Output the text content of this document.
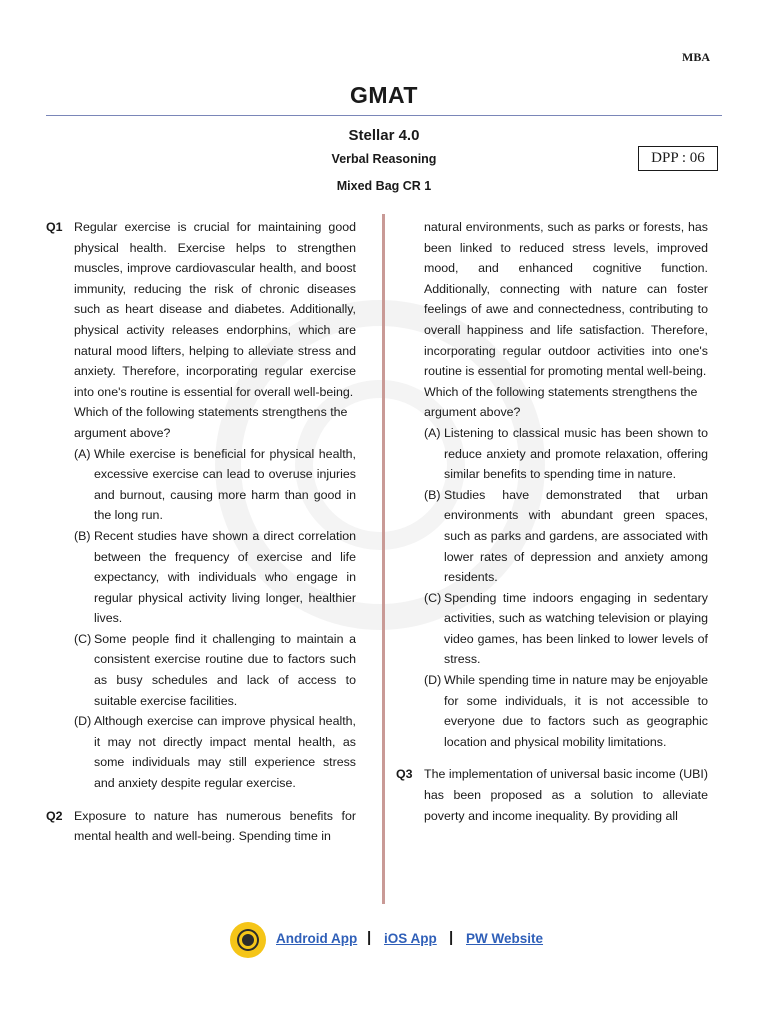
MBA
GMAT
Stellar 4.0
Verbal Reasoning	DPP : 06
Mixed Bag CR 1
Q1 Regular exercise is crucial for maintaining good physical health. Exercise helps to strengthen muscles, improve cardiovascular health, and boost immunity, reducing the risk of chronic diseases such as heart disease and diabetes. Additionally, physical activity releases endorphins, which are natural mood lifters, helping to alleviate stress and anxiety. Therefore, incorporating regular exercise into one's routine is essential for overall well-being.
Which of the following statements strengthens the argument above?
(A) While exercise is beneficial for physical health, excessive exercise can lead to overuse injuries and burnout, causing more harm than good in the long run.
(B) Recent studies have shown a direct correlation between the frequency of exercise and life expectancy, with individuals who engage in regular physical activity living longer, healthier lives.
(C) Some people find it challenging to maintain a consistent exercise routine due to factors such as busy schedules and lack of access to suitable exercise facilities.
(D) Although exercise can improve physical health, it may not directly impact mental health, as some individuals may still experience stress and anxiety despite regular exercise.
Q2 Exposure to nature has numerous benefits for mental health and well-being. Spending time in
natural environments, such as parks or forests, has been linked to reduced stress levels, improved mood, and enhanced cognitive function. Additionally, connecting with nature can foster feelings of awe and connectedness, contributing to overall happiness and life satisfaction. Therefore, incorporating regular outdoor activities into one's routine is essential for promoting mental well-being.
Which of the following statements strengthens the argument above?
(A) Listening to classical music has been shown to reduce anxiety and promote relaxation, offering similar benefits to spending time in nature.
(B) Studies have demonstrated that urban environments with abundant green spaces, such as parks and gardens, are associated with lower rates of depression and anxiety among residents.
(C) Spending time indoors engaging in sedentary activities, such as watching television or playing video games, has been linked to lower levels of stress.
(D) While spending time in nature may be enjoyable for some individuals, it is not accessible to everyone due to factors such as geographic location and physical mobility limitations.
Q3 The implementation of universal basic income (UBI) has been proposed as a solution to alleviate poverty and income inequality. By providing all
Android App | iOS App | PW Website
